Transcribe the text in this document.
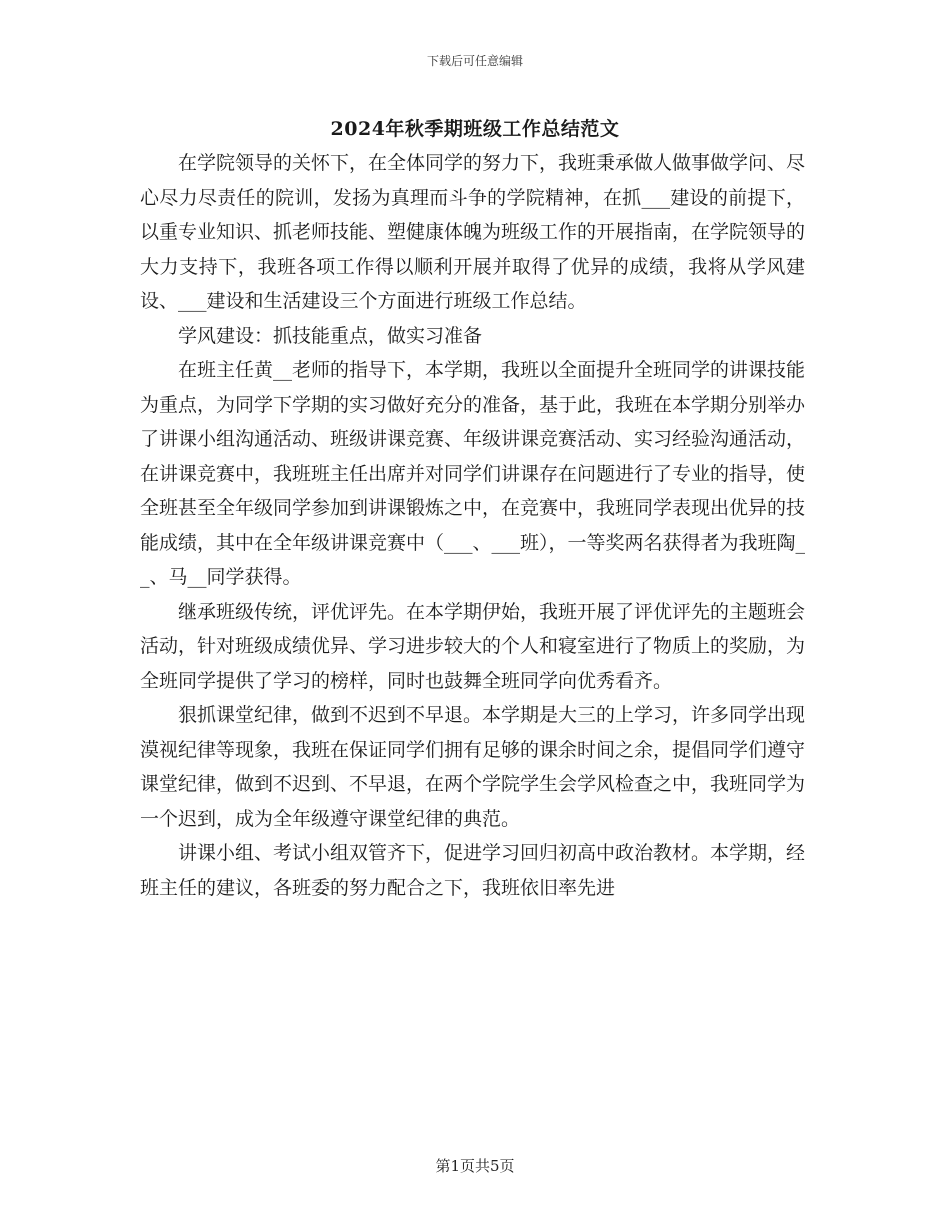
下载后可任意编辑
2024年秋季期班级工作总结范文

在学院领导的关怀下，在全体同学的努力下，我班秉承做人做事做学问、尽心尽力尽责任的院训，发扬为真理而斗争的学院精神，在抓___建设的前提下，以重专业知识、抓老师技能、塑健康体魄为班级工作的开展指南，在学院领导的大力支持下，我班各项工作得以顺利开展并取得了优异的成绩，我将从学风建设、___建设和生活建设三个方面进行班级工作总结。

学风建设：抓技能重点，做实习准备

在班主任黄__老师的指导下，本学期，我班以全面提升全班同学的讲课技能为重点，为同学下学期的实习做好充分的准备，基于此，我班在本学期分别举办了讲课小组沟通活动、班级讲课竞赛、年级讲课竞赛活动、实习经验沟通活动，在讲课竞赛中，我班班主任出席并对同学们讲课存在问题进行了专业的指导，使全班甚至全年级同学参加到讲课锻炼之中，在竞赛中，我班同学表现出优异的技能成绩，其中在全年级讲课竞赛中（___、___班），一等奖两名获得者为我班陶__、马__同学获得。

继承班级传统，评优评先。在本学期伊始，我班开展了评优评先的主题班会活动，针对班级成绩优异、学习进步较大的个人和寝室进行了物质上的奖励，为全班同学提供了学习的榜样，同时也鼓舞全班同学向优秀看齐。

狠抓课堂纪律，做到不迟到不早退。本学期是大三的上学习，许多同学出现漠视纪律等现象，我班在保证同学们拥有足够的课余时间之余，提倡同学们遵守课堂纪律，做到不迟到、不早退，在两个学院学生会学风检查之中，我班同学为一个迟到，成为全年级遵守课堂纪律的典范。

讲课小组、考试小组双管齐下，促进学习回归初高中政治教材。本学期，经班主任的建议，各班委的努力配合之下，我班依旧率先进

第1页共5页
